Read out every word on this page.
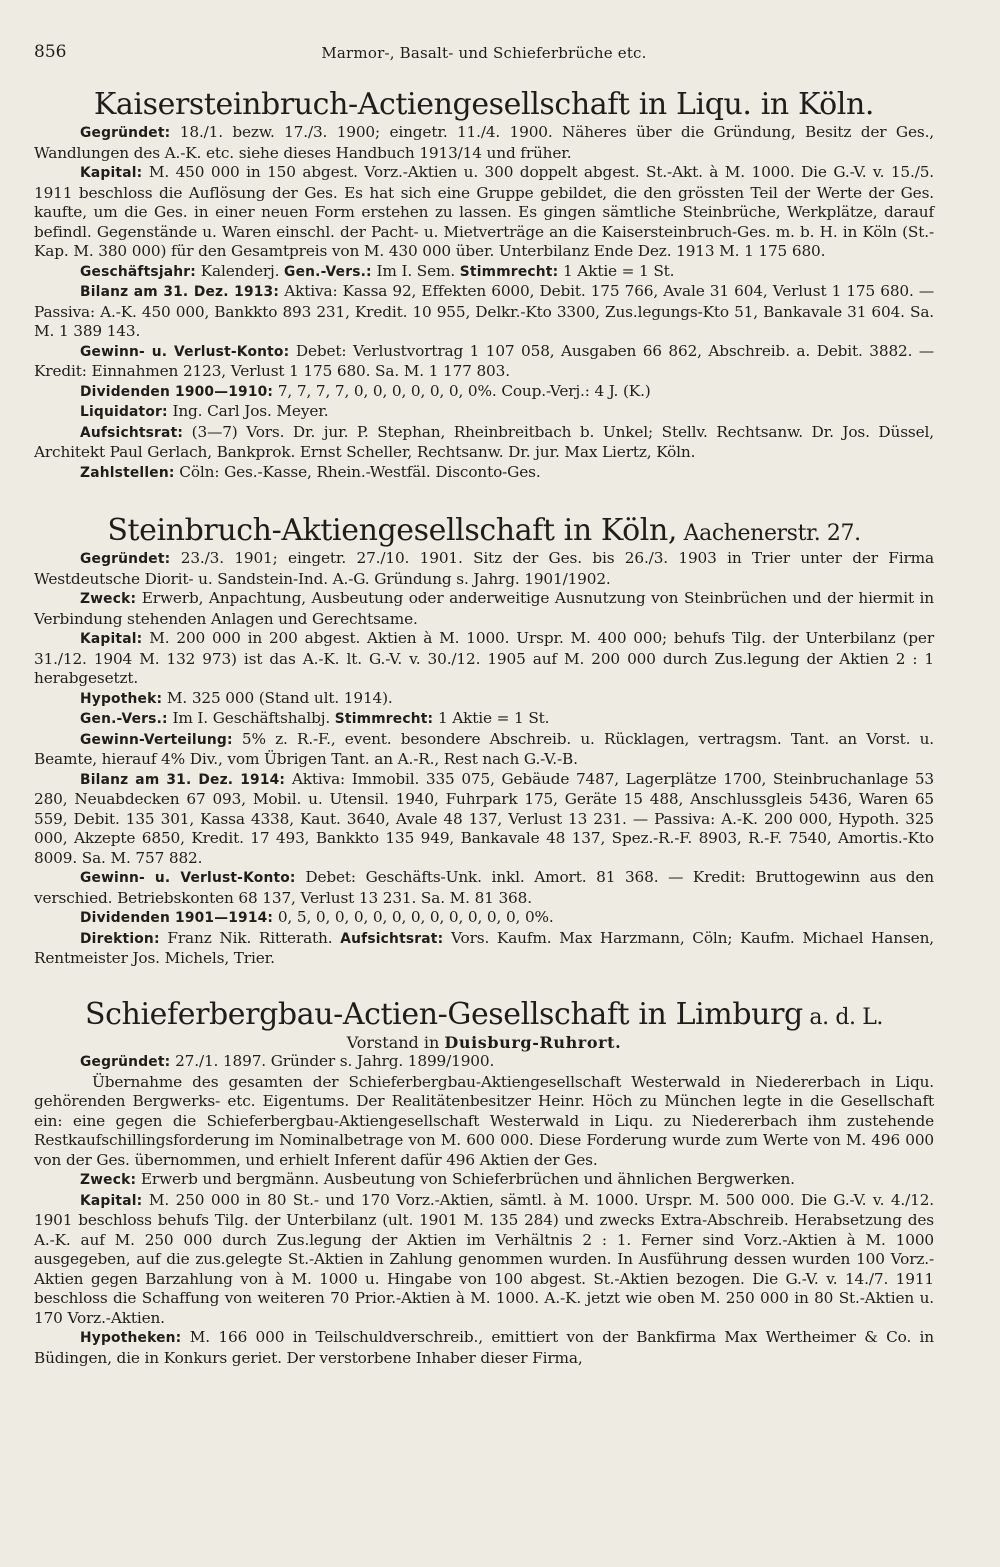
856	Marmor-, Basalt- und Schieferbrüche etc.
Kaisersteinbruch-Actiengesellschaft in Liqu. in Köln.

Gegründet: 18./1. bezw. 17./3. 1900; eingetr. 11./4. 1900. Näheres über die Gründung, Besitz der Ges., Wandlungen des A.-K. etc. siehe dieses Handbuch 1913/14 und früher.

Kapital: M. 450 000 in 150 abgest. Vorz.-Aktien u. 300 doppelt abgest. St.-Akt. à M. 1000. Die G.-V. v. 15./5. 1911 beschloss die Auflösung der Ges. Es hat sich eine Gruppe gebildet, die den grössten Teil der Werte der Ges. kaufte, um die Ges. in einer neuen Form erstehen zu lassen. Es gingen sämtliche Steinbrüche, Werkplätze, darauf befindl. Gegenstände u. Waren einschl. der Pacht- u. Mietverträge an die Kaisersteinbruch-Ges. m. b. H. in Köln (St.-Kap. M. 380 000) für den Gesamtpreis von M. 430 000 über. Unterbilanz Ende Dez. 1913 M. 1 175 680.

Geschäftsjahr: Kalenderj. Gen.-Vers.: Im I. Sem. Stimmrecht: 1 Aktie = 1 St.

Bilanz am 31. Dez. 1913: Aktiva: Kassa 92, Effekten 6000, Debit. 175 766, Avale 31 604, Verlust 1 175 680. — Passiva: A.-K. 450 000, Bankkto 893 231, Kredit. 10 955, Delkr.-Kto 3300, Zus.legungs-Kto 51, Bankavale 31 604. Sa. M. 1 389 143.

Gewinn- u. Verlust-Konto: Debet: Verlustvortrag 1 107 058, Ausgaben 66 862, Abschreib. a. Debit. 3882. — Kredit: Einnahmen 2123, Verlust 1 175 680. Sa. M. 1 177 803.

Dividenden 1900—1910: 7, 7, 7, 7, 0, 0, 0, 0, 0, 0, 0%. Coup.-Verj.: 4 J. (K.)

Liquidator: Ing. Carl Jos. Meyer.

Aufsichtsrat: (3—7) Vors. Dr. jur. P. Stephan, Rheinbreitbach b. Unkel; Stellv. Rechtsanw. Dr. Jos. Düssel, Architekt Paul Gerlach, Bankprok. Ernst Scheller, Rechtsanw. Dr. jur. Max Liertz, Köln.

Zahlstellen: Cöln: Ges.-Kasse, Rhein.-Westfäl. Disconto-Ges.

Steinbruch-Aktiengesellschaft in Köln, Aachenerstr. 27.

Gegründet: 23./3. 1901; eingetr. 27./10. 1901. Sitz der Ges. bis 26./3. 1903 in Trier unter der Firma Westdeutsche Diorit- u. Sandstein-Ind. A.-G. Gründung s. Jahrg. 1901/1902.

Zweck: Erwerb, Anpachtung, Ausbeutung oder anderweitige Ausnutzung von Steinbrüchen und der hiermit in Verbindung stehenden Anlagen und Gerechtsame.

Kapital: M. 200 000 in 200 abgest. Aktien à M. 1000. Urspr. M. 400 000; behufs Tilg. der Unterbilanz (per 31./12. 1904 M. 132 973) ist das A.-K. lt. G.-V. v. 30./12. 1905 auf M. 200 000 durch Zus.legung der Aktien 2 : 1 herabgesetzt.

Hypothek: M. 325 000 (Stand ult. 1914).

Gen.-Vers.: Im I. Geschäftshalbj. Stimmrecht: 1 Aktie = 1 St.

Gewinn-Verteilung: 5% z. R.-F., event. besondere Abschreib. u. Rücklagen, vertragsm. Tant. an Vorst. u. Beamte, hierauf 4% Div., vom Übrigen Tant. an A.-R., Rest nach G.-V.-B.

Bilanz am 31. Dez. 1914: Aktiva: Immobil. 335 075, Gebäude 7487, Lagerplätze 1700, Steinbruchanlage 53 280, Neuabdecken 67 093, Mobil. u. Utensil. 1940, Fuhrpark 175, Geräte 15 488, Anschlussgleis 5436, Waren 65 559, Debit. 135 301, Kassa 4338, Kaut. 3640, Avale 48 137, Verlust 13 231. — Passiva: A.-K. 200 000, Hypoth. 325 000, Akzepte 6850, Kredit. 17 493, Bankkto 135 949, Bankavale 48 137, Spez.-R.-F. 8903, R.-F. 7540, Amortis.-Kto 8009. Sa. M. 757 882.

Gewinn- u. Verlust-Konto: Debet: Geschäfts-Unk. inkl. Amort. 81 368. — Kredit: Bruttogewinn aus den verschied. Betriebskonten 68 137, Verlust 13 231. Sa. M. 81 368.

Dividenden 1901—1914: 0, 5, 0, 0, 0, 0, 0, 0, 0, 0, 0, 0, 0, 0%.

Direktion: Franz Nik. Ritterath. Aufsichtsrat: Vors. Kaufm. Max Harzmann, Cöln; Kaufm. Michael Hansen, Rentmeister Jos. Michels, Trier.

Schieferbergbau-Actien-Gesellschaft in Limburg a. d. L.
Vorstand in Duisburg-Ruhrort.

Gegründet: 27./1. 1897. Gründer s. Jahrg. 1899/1900.

Übernahme des gesamten der Schieferbergbau-Aktiengesellschaft Westerwald in Niedererbach in Liqu. gehörenden Bergwerks- etc. Eigentums. Der Realitätenbesitzer Heinr. Höch zu München legte in die Gesellschaft ein: eine gegen die Schieferbergbau-Aktiengesellschaft Westerwald in Liqu. zu Niedererbach ihm zustehende Restkaufschillingsforderung im Nominalbetrage von M. 600 000. Diese Forderung wurde zum Werte von M. 496 000 von der Ges. übernommen, und erhielt Inferent dafür 496 Aktien der Ges.

Zweck: Erwerb und bergmänn. Ausbeutung von Schieferbrüchen und ähnlichen Bergwerken.

Kapital: M. 250 000 in 80 St.- und 170 Vorz.-Aktien, sämtl. à M. 1000. Urspr. M. 500 000. Die G.-V. v. 4./12. 1901 beschloss behufs Tilg. der Unterbilanz (ult. 1901 M. 135 284) und zwecks Extra-Abschreib. Herabsetzung des A.-K. auf M. 250 000 durch Zus.legung der Aktien im Verhältnis 2 : 1. Ferner sind Vorz.-Aktien à M. 1000 ausgegeben, auf die zus.gelegte St.-Aktien in Zahlung genommen wurden. In Ausführung dessen wurden 100 Vorz.-Aktien gegen Barzahlung von à M. 1000 u. Hingabe von 100 abgest. St.-Aktien bezogen. Die G.-V. v. 14./7. 1911 beschloss die Schaffung von weiteren 70 Prior.-Aktien à M. 1000. A.-K. jetzt wie oben M. 250 000 in 80 St.-Aktien u. 170 Vorz.-Aktien.

Hypotheken: M. 166 000 in Teilschuldverschreib., emittiert von der Bankfirma Max Wertheimer & Co. in Büdingen, die in Konkurs geriet. Der verstorbene Inhaber dieser Firma,
